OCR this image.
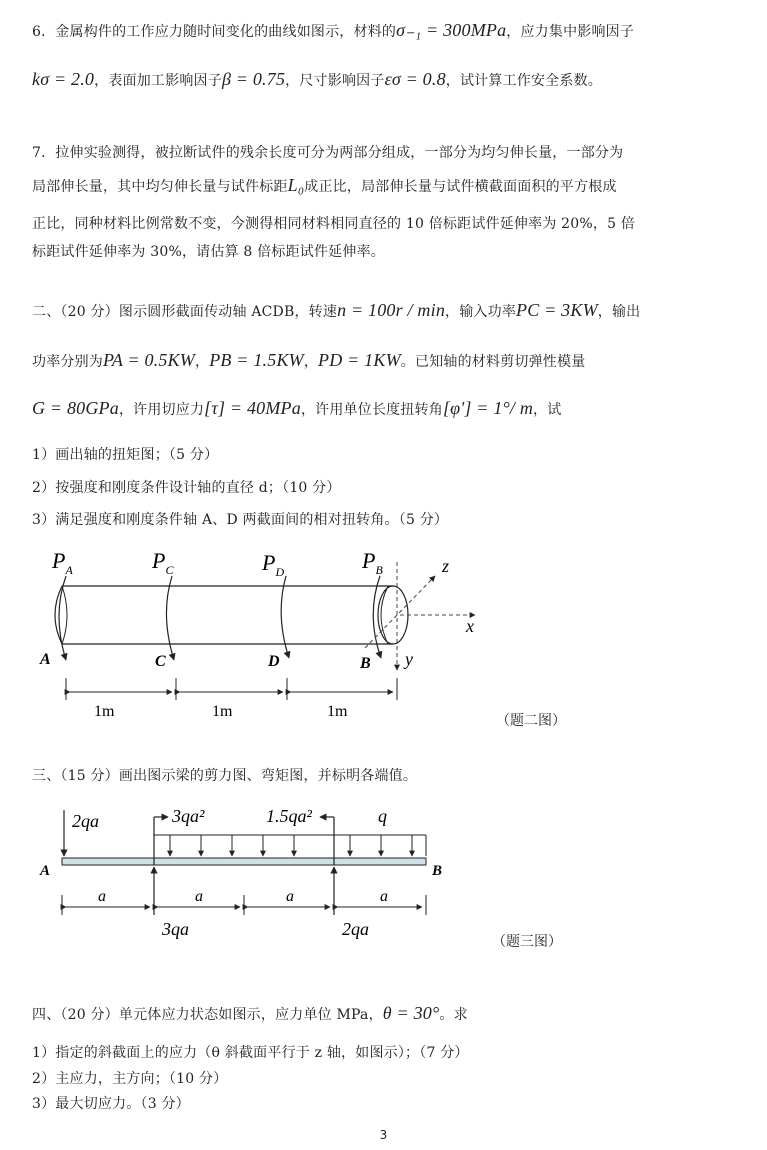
6．金属构件的工作应力随时间变化的曲线如图示，材料的σ₋₁ = 300MPa，应力集中影响因子
kσ = 2.0，表面加工影响因子β = 0.75，尺寸影响因子εσ = 0.8，试计算工作安全系数。
7．拉伸实验测得，被拉断试件的残余长度可分为两部分组成，一部分为均匀伸长量，一部分为
局部伸长量，其中均匀伸长量与试件标距L₀成正比，局部伸长量与试件横截面面积的平方根成
正比，同种材料比例常数不变，今测得相同材料相同直径的 10 倍标距试件延伸率为 20%，5 倍
标距试件延伸率为 30%，请估算 8 倍标距试件延伸率。
二、（20 分）图示圆形截面传动轴 ACDB，转速n = 100r / min，输入功率PC = 3KW，输出
功率分别为PA = 0.5KW，PB = 1.5KW，PD = 1KW。已知轴的材料剪切弹性模量
G = 80GPa，许用切应力[τ] = 40MPa，许用单位长度扭转角[φ'] = 1°/ m，试
1）画出轴的扭矩图；（5 分）
2）按强度和刚度条件设计轴的直径 d；（10 分）
3）满足强度和刚度条件轴 A、D 两截面间的相对扭转角。（5 分）
$P_A$	$P_C$	$P_D$	$P_B$
A	C	D	B
x
y
z
1m	1m	1m
（题二图）
三、（15 分）画出图示梁的剪力图、弯矩图，并标明各端值。
2qa	3qa²	1.5qa²	q
A	B
3qa	2qa
a	a	a	a
（题三图）
四、（20 分）单元体应力状态如图示，应力单位 MPa，θ = 30°。求
1）指定的斜截面上的应力（θ 斜截面平行于 z 轴，如图示）；（7 分）
2）主应力，主方向；（10 分）
3）最大切应力。（3 分）
3
